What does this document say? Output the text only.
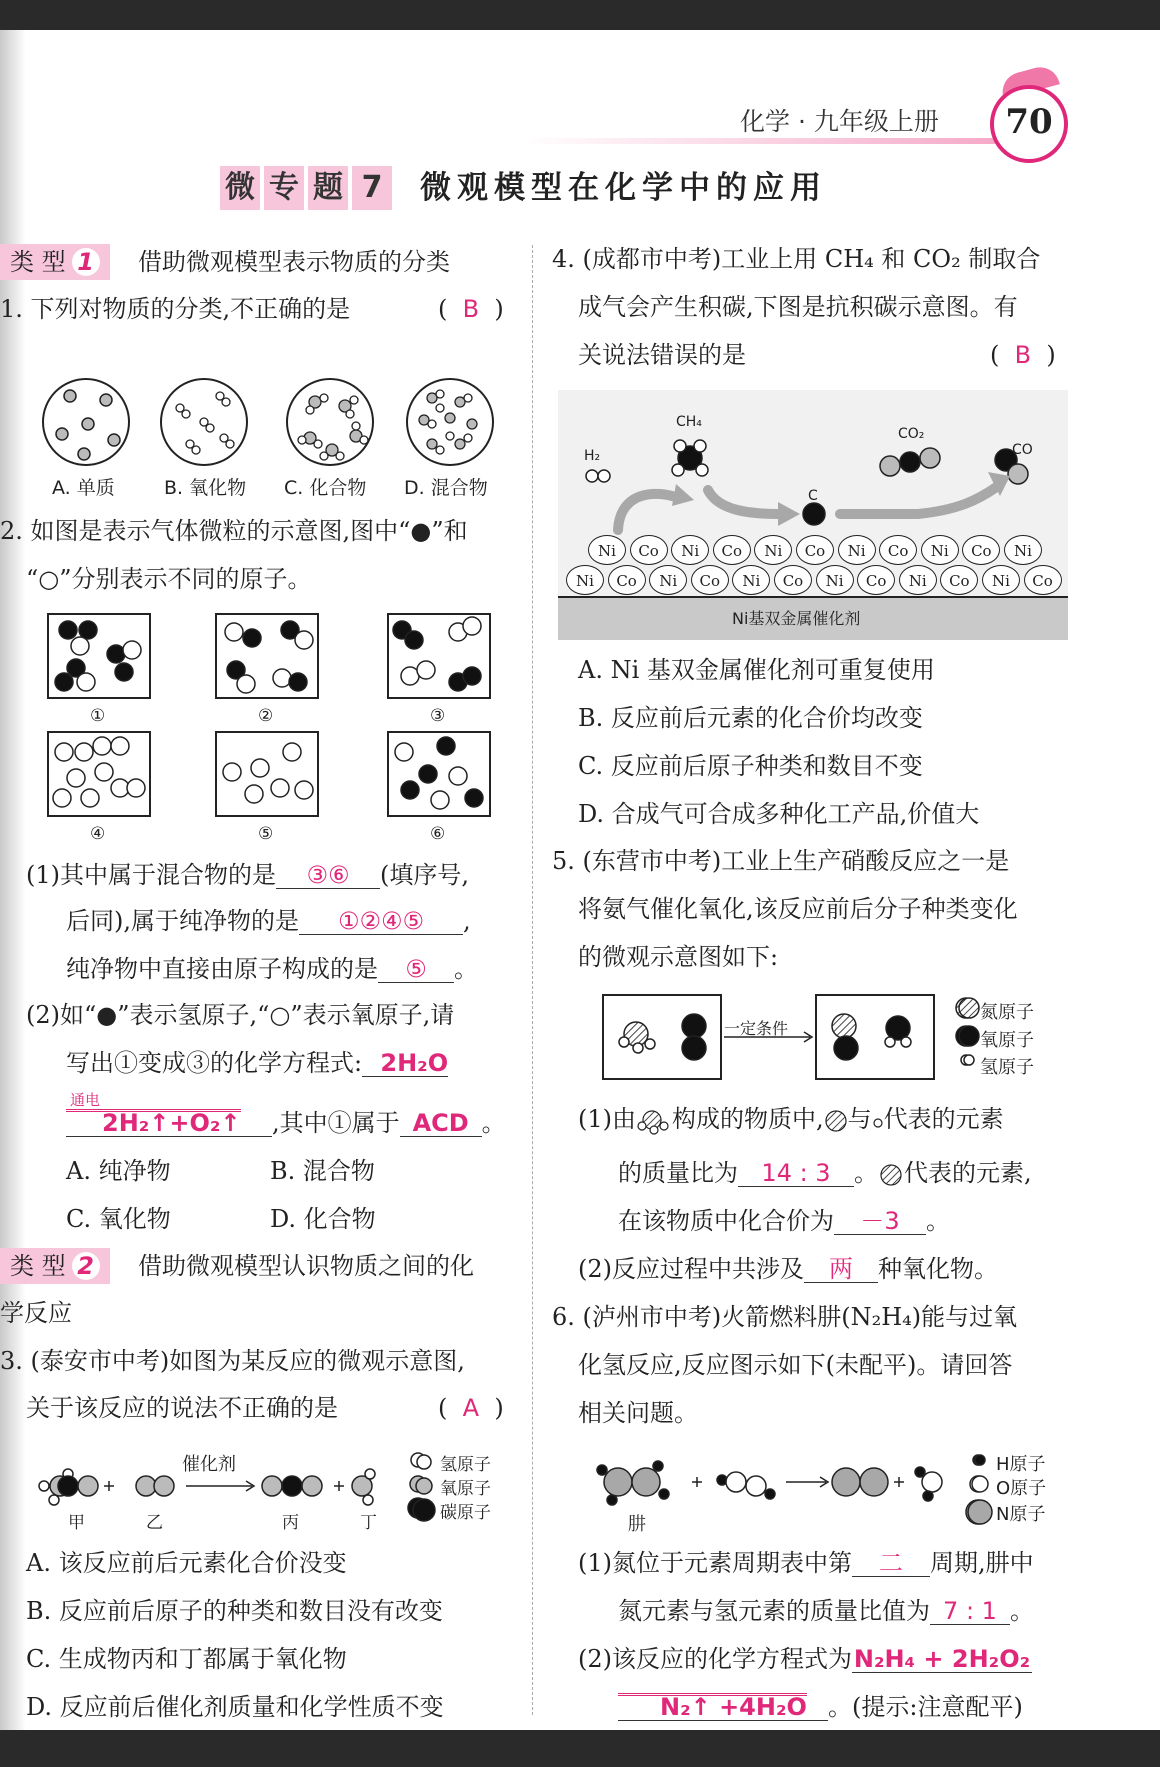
化学 · 九年级上册	70
微 专 题 7	微观模型在化学中的应用
类 型 1	借助微观模型表示物质的分类
1. 下列对物质的分类,不正确的是	( B )
A. 单质	B. 氧化物 C. 化合物 D. 混合物
2. 如图是表示气体微粒的示意图,图中“●”和
“○”分别表示不同的原子。
①	②	③
④	⑤	⑥
(1)其中属于混合物的是 ③⑥ (填序号,
后同),属于纯净物的是 ①②④⑤ ,
纯净物中直接由原子构成的是 ⑤ 。
(2)如“●”表示氢原子,“○”表示氧原子,请
写出①变成③的化学方程式: 2H₂O
通电
2H₂↑+O₂↑ ,其中①属于 ACD 。
A. 纯净物	B. 混合物
C. 氧化物	D. 化合物
类 型 2	借助微观模型认识物质之间的化
学反应
3. (泰安市中考)如图为某反应的微观示意图,
关于该反应的说法不正确的是	( A )
催化剂
甲	乙	丙	丁
氢原子
氧原子
碳原子
A. 该反应前后元素化合价没变
B. 反应前后原子的种类和数目没有改变
C. 生成物丙和丁都属于氧化物
D. 反应前后催化剂质量和化学性质不变
4. (成都市中考)工业上用 CH₄ 和 CO₂ 制取合
成气会产生积碳,下图是抗积碳示意图。有
关说法错误的是	( B )
H₂
CH₄
C
CO₂
CO
Ni	Co	Ni	Co	Ni	Co	Ni	Co	Ni	Co	Ni
Ni	Co	Ni	Co	Ni	Co	Ni	Co	Ni	Co	Ni	Co
Ni基双金属催化剂
A. Ni 基双金属催化剂可重复使用
B. 反应前后元素的化合价均改变
C. 反应前后原子种类和数目不变
D. 合成气可合成多种化工产品,价值大
5. (东营市中考)工业上生产硝酸反应之一是
将氨气催化氧化,该反应前后分子种类变化
的微观示意图如下:
一定条件
氮原子
氧原子
氢原子
(1)由 构成的物质中, 与 代表的元素
的质量比为 14 : 3 。 代表的元素,
在该物质中化合价为 －3 。
(2)反应过程中共涉及 两 种氧化物。
6. (泸州市中考)火箭燃料肼(N₂H₄)能与过氧
化氢反应,反应图示如下(未配平)。请回答
相关问题。
肼
H原子
O原子
N原子
(1)氮位于元素周期表中第 二 周期,肼中
氮元素与氢元素的质量比值为 7 : 1 。
(2)该反应的化学方程式为N₂H₄ + 2H₂O₂
N₂↑ +4H₂O 。(提示:注意配平)
